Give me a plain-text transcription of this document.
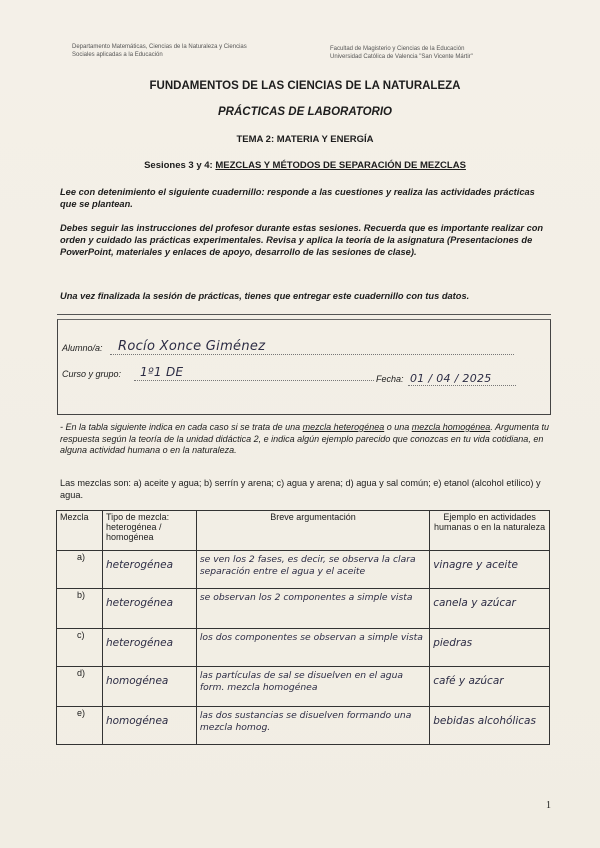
Departamento Matemáticas, Ciencias de la Naturaleza y Ciencias
Sociales aplicadas a la Educación
Facultad de Magisterio y Ciencias de la Educación
Universidad Católica de Valencia "San Vicente Mártir"
FUNDAMENTOS DE LAS CIENCIAS DE LA NATURALEZA
PRÁCTICAS DE LABORATORIO
TEMA 2: MATERIA Y ENERGÍA
Sesiones 3 y 4: MEZCLAS Y MÉTODOS DE SEPARACIÓN DE MEZCLAS
Lee con detenimiento el siguiente cuadernillo: responde a las cuestiones y realiza las actividades prácticas que se plantean.
Debes seguir las instrucciones del profesor durante estas sesiones. Recuerda que es importante realizar con orden y cuidado las prácticas experimentales. Revisa y aplica la teoría de la asignatura (Presentaciones de PowerPoint, materiales y enlaces de apoyo, desarrollo de las sesiones de clase).
Una vez finalizada la sesión de prácticas, tienes que entregar este cuadernillo con tus datos.
Alumno/a: Rocío Xonce Giménez
Curso y grupo: 1º1 DE	Fecha: 01 / 04 / 2025
- En la tabla siguiente indica en cada caso si se trata de una mezcla heterogénea o una mezcla homogénea. Argumenta tu respuesta según la teoría de la unidad didáctica 2, e indica algún ejemplo parecido que conozcas en tu vida cotidiana, en alguna actividad humana o en la naturaleza.
Las mezclas son: a) aceite y agua; b) serrín y arena; c) agua y arena; d) agua y sal común; e) etanol (alcohol etílico) y agua.
Mezcla	Tipo de mezcla: heterogénea / homogénea	Breve argumentación	Ejemplo en actividades humanas o en la naturaleza
a)	heterogénea	se ven los 2 fases, es decir, se observa la clara separación entre el agua y el aceite	vinagre y aceite
b)	heterogénea	se observan los 2 componentes a simple vista	canela y azúcar
c)	heterogénea	los dos componentes se observan a simple vista	piedras
d)	homogénea	las partículas de sal se disuelven en el agua form. mezcla homogénea	café y azúcar
e)	homogénea	las dos sustancias se disuelven formando una mezcla homog.	bebidas alcohólicas
1
